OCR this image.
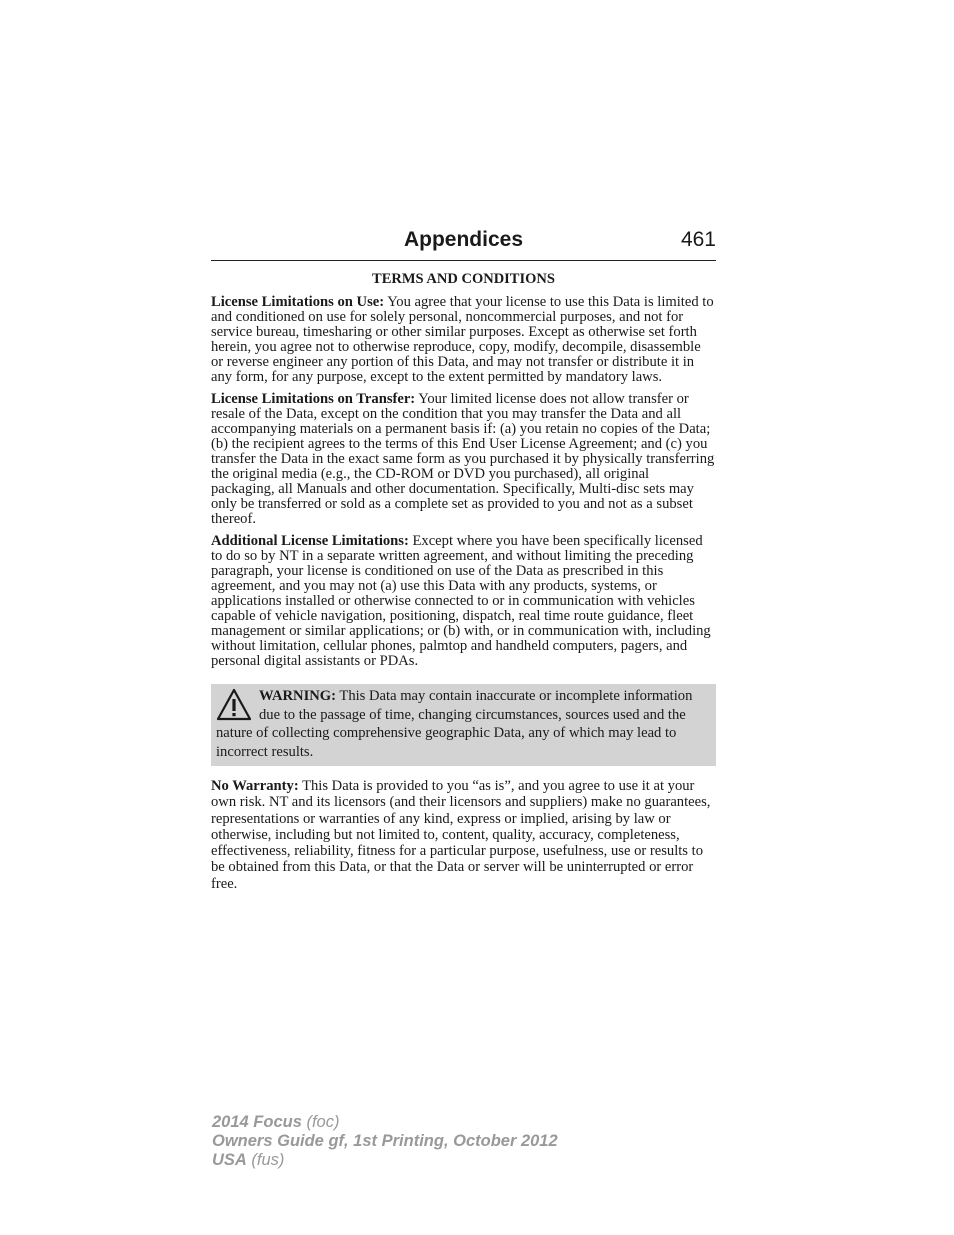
Appendices	461
TERMS AND CONDITIONS

License Limitations on Use: You agree that your license to use this Data is limited to and conditioned on use for solely personal, noncommercial purposes, and not for service bureau, timesharing or other similar purposes. Except as otherwise set forth herein, you agree not to otherwise reproduce, copy, modify, decompile, disassemble or reverse engineer any portion of this Data, and may not transfer or distribute it in any form, for any purpose, except to the extent permitted by mandatory laws.

License Limitations on Transfer: Your limited license does not allow transfer or resale of the Data, except on the condition that you may transfer the Data and all accompanying materials on a permanent basis if: (a) you retain no copies of the Data; (b) the recipient agrees to the terms of this End User License Agreement; and (c) you transfer the Data in the exact same form as you purchased it by physically transferring the original media (e.g., the CD-ROM or DVD you purchased), all original packaging, all Manuals and other documentation. Specifically, Multi-disc sets may only be transferred or sold as a complete set as provided to you and not as a subset thereof.

Additional License Limitations: Except where you have been specifically licensed to do so by NT in a separate written agreement, and without limiting the preceding paragraph, your license is conditioned on use of the Data as prescribed in this agreement, and you may not (a) use this Data with any products, systems, or applications installed or otherwise connected to or in communication with vehicles capable of vehicle navigation, positioning, dispatch, real time route guidance, fleet management or similar applications; or (b) with, or in communication with, including without limitation, cellular phones, palmtop and handheld computers, pagers, and personal digital assistants or PDAs.

WARNING: This Data may contain inaccurate or incomplete information due to the passage of time, changing circumstances, sources used and the nature of collecting comprehensive geographic Data, any of which may lead to incorrect results.

No Warranty: This Data is provided to you “as is”, and you agree to use it at your own risk. NT and its licensors (and their licensors and suppliers) make no guarantees, representations or warranties of any kind, express or implied, arising by law or otherwise, including but not limited to, content, quality, accuracy, completeness, effectiveness, reliability, fitness for a particular purpose, usefulness, use or results to be obtained from this Data, or that the Data or server will be uninterrupted or error free.

2014 Focus (foc)
Owners Guide gf, 1st Printing, October 2012
USA (fus)
